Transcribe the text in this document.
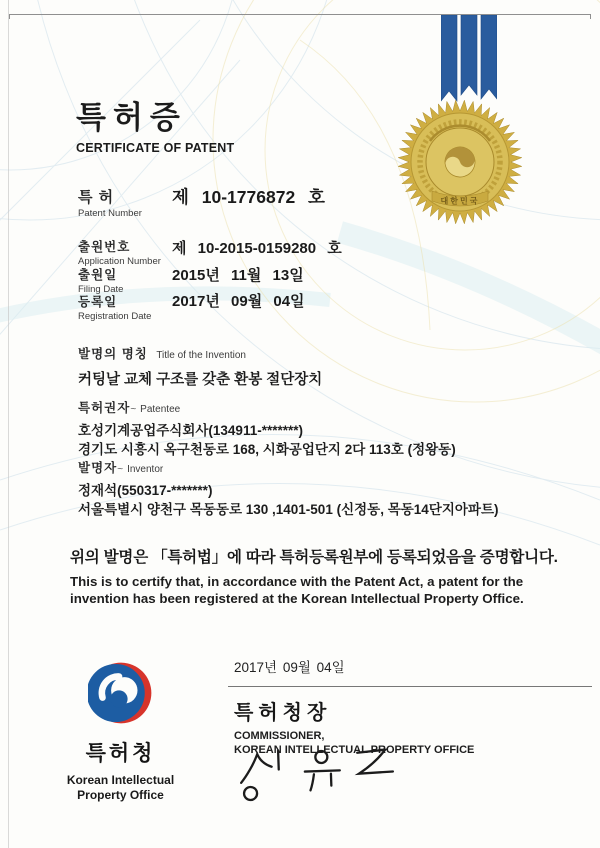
대한민국
특허증
CERTIFICATE OF PATENT
특 허
Patent Number
제 10-1776872 호
출원번호
Application Number
제 10-2015-0159280 호
출원일
Filing Date
2015년 11월 13일
등록일
Registration Date
2017년 09월 04일
발명의 명칭 Title of the Invention
커팅날 교체 구조를 갖춘 환봉 절단장치
특허권자~ Patentee
호성기계공업주식회사(134911-*******)
경기도 시흥시 옥구천동로 168, 시화공업단지 2다 113호 (정왕동)
발명자~ Inventor
정재석(550317-*******)
서울특별시 양천구 목동동로 130 ,1401-501 (신정동, 목동14단지아파트)
위의 발명은 「특허법」에 따라 특허등록원부에 등록되었음을 증명합니다.
This is to certify that, in accordance with the Patent Act, a patent for the invention has been registered at the Korean Intellectual Property Office.
2017년 09월 04일
특허청장
COMMISSIONER,
KOREAN INTELLECTUAL PROPERTY OFFICE
특허청
Korean Intellectual
Property Office
